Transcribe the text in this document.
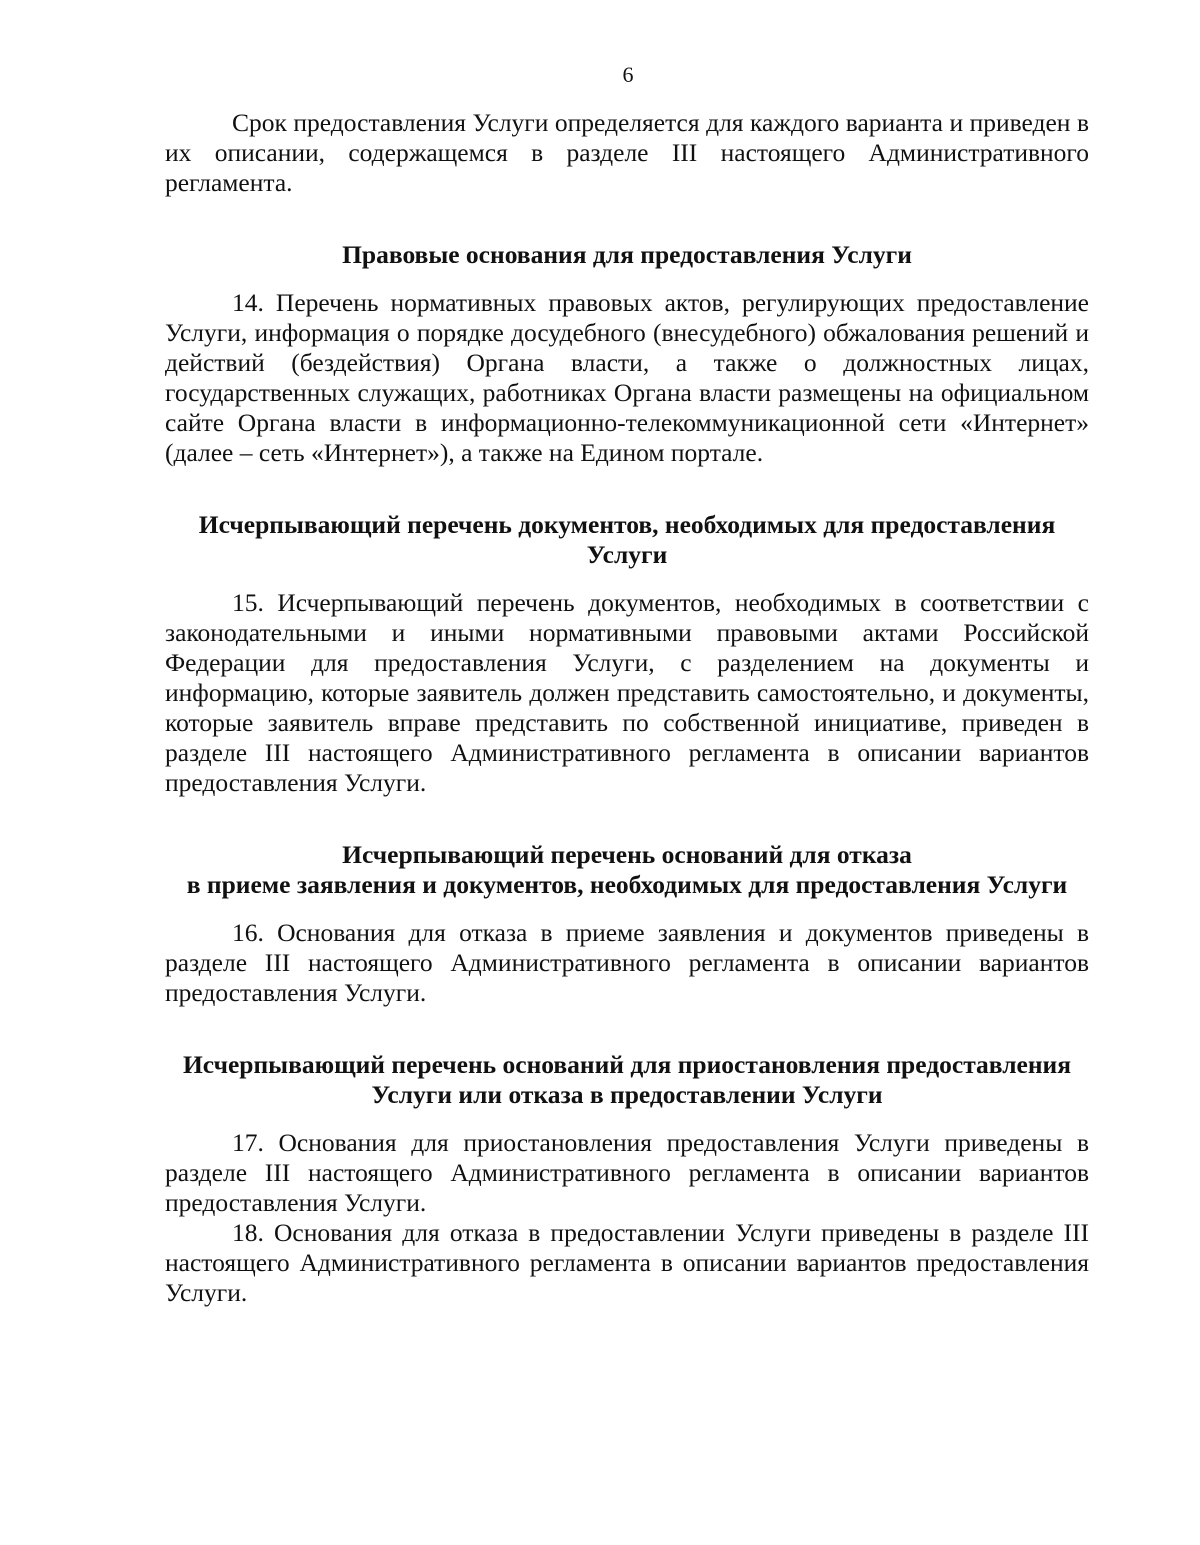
6

Срок предоставления Услуги определяется для каждого варианта и приведен в их описании, содержащемся в разделе III настоящего Административного регламента.

Правовые основания для предоставления Услуги

14. Перечень нормативных правовых актов, регулирующих предоставление Услуги, информация о порядке досудебного (внесудебного) обжалования решений и действий (бездействия) Органа власти, а также о должностных лицах, государственных служащих, работниках Органа власти размещены на официальном сайте Органа власти в информационно-телекоммуникационной сети «Интернет» (далее – сеть «Интернет»), а также на Едином портале.

Исчерпывающий перечень документов, необходимых для предоставления
Услуги

15. Исчерпывающий перечень документов, необходимых в соответствии с законодательными и иными нормативными правовыми актами Российской Федерации для предоставления Услуги, с разделением на документы и информацию, которые заявитель должен представить самостоятельно, и документы, которые заявитель вправе представить по собственной инициативе, приведен в разделе III настоящего Административного регламента в описании вариантов предоставления Услуги.

Исчерпывающий перечень оснований для отказа
в приеме заявления и документов, необходимых для предоставления Услуги

16. Основания для отказа в приеме заявления и документов приведены в разделе III настоящего Административного регламента в описании вариантов предоставления Услуги.

Исчерпывающий перечень оснований для приостановления предоставления
Услуги или отказа в предоставлении Услуги

17. Основания для приостановления предоставления Услуги приведены в разделе III настоящего Административного регламента в описании вариантов предоставления Услуги.

18. Основания для отказа в предоставлении Услуги приведены в разделе III настоящего Административного регламента в описании вариантов предоставления Услуги.
